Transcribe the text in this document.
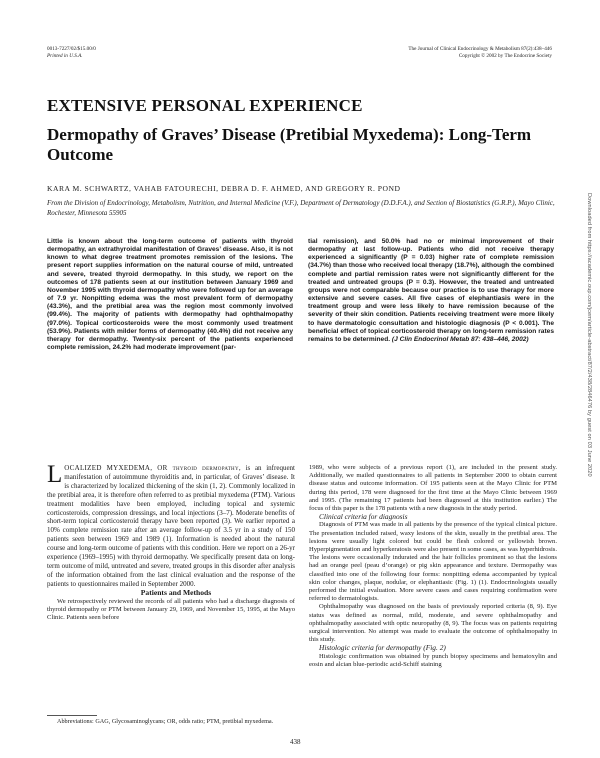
0013-7227/02/$15.00/0
Printed in U.S.A.
The Journal of Clinical Endocrinology & Metabolism 87(2):438–446
Copyright © 2002 by The Endocrine Society
EXTENSIVE PERSONAL EXPERIENCE
Dermopathy of Graves’ Disease (Pretibial Myxedema): Long-Term Outcome
KARA M. SCHWARTZ, VAHAB FATOURECHI, DEBRA D. F. AHMED, AND GREGORY R. POND
From the Division of Endocrinology, Metabolism, Nutrition, and Internal Medicine (V.F.), Department of Dermatology (D.D.F.A.), and Section of Biostatistics (G.R.P.), Mayo Clinic, Rochester, Minnesota 55905
Little is known about the long-term outcome of patients with thyroid dermopathy, an extrathyroidal manifestation of Graves’ disease. Also, it is not known to what degree treatment promotes remission of the lesions. The present report supplies information on the natural course of mild, untreated and severe, treated thyroid dermopathy. In this study, we report on the outcomes of 178 patients seen at our institution between January 1969 and November 1995 with thyroid dermopathy who were followed up for an average of 7.9 yr. Nonpitting edema was the most prevalent form of dermopathy (43.3%), and the pretibial area was the region most commonly involved (99.4%). The majority of patients with dermopathy had ophthalmopathy (97.0%). Topical corticosteroids were the most commonly used treatment (53.9%). Patients with milder forms of dermopathy (40.4%) did not receive any therapy for dermopathy. Twenty-six percent of the patients experienced complete remission, 24.2% had moderate improvement (par-
tial remission), and 50.0% had no or minimal improvement of their dermopathy at last follow-up. Patients who did not receive therapy experienced a significantly (P = 0.03) higher rate of complete remission (34.7%) than those who received local therapy (18.7%), although the combined complete and partial remission rates were not significantly different for the treated and untreated groups (P = 0.3). However, the treated and untreated groups were not comparable because our practice is to use therapy for more extensive and severe cases. All five cases of elephantiasis were in the treatment group and were less likely to have remission because of the severity of their skin condition. Patients receiving treatment were more likely to have dermatologic consultation and histologic diagnosis (P < 0.001). The beneficial effect of topical corticosteroid therapy on long-term remission rates remains to be determined. (J Clin Endocrinol Metab 87: 438–446, 2002)

LOCALIZED MYXEDEMA, OR thyroid dermopathy, is an infrequent manifestation of autoimmune thyroiditis and, in particular, of Graves’ disease. It is characterized by localized thickening of the skin (1, 2). Commonly localized in the pretibial area, it is therefore often referred to as pretibial myxedema (PTM). Various treatment modalities have been employed, including topical and systemic corticosteroids, compression dressings, and local injections (3–7). Moderate benefits of short-term topical corticosteroid therapy have been reported (3). We earlier reported a 10% complete remission rate after an average follow-up of 3.5 yr in a study of 150 patients seen between 1969 and 1989 (1). Information is needed about the natural course and long-term outcome of patients with this condition. Here we report on a 26-yr experience (1969–1995) with thyroid dermopathy. We specifically present data on long-term outcome of mild, untreated and severe, treated groups in this disorder after analysis of the information obtained from the last clinical evaluation and the response of the patients to questionnaires mailed in September 2000.

Patients and Methods

We retrospectively reviewed the records of all patients who had a discharge diagnosis of thyroid dermopathy or PTM between January 29, 1969, and November 15, 1995, at the Mayo Clinic. Patients seen before

1989, who were subjects of a previous report (1), are included in the present study. Additionally, we mailed questionnaires to all patients in September 2000 to obtain current disease status and outcome information. Of 195 patients seen at the Mayo Clinic for PTM during this period, 178 were diagnosed for the first time at the Mayo Clinic between 1969 and 1995. (The remaining 17 patients had been diagnosed at this institution earlier.) The focus of this paper is the 178 patients with a new diagnosis in the study period.

Clinical criteria for diagnosis

Diagnosis of PTM was made in all patients by the presence of the typical clinical picture. The presentation included raised, waxy lesions of the skin, usually in the pretibial area. The lesions were usually light colored but could be flesh colored or yellowish brown. Hyperpigmentation and hyperkeratosis were also present in some cases, as was hyperhidrosis. The lesions were occasionally indurated and the hair follicles prominent so that the lesions had an orange peel (peau d’orange) or pig skin appearance and texture. Dermopathy was classified into one of the following four forms: nonpitting edema accompanied by typical skin color changes, plaque, nodular, or elephantiasic (Fig. 1) (1). Endocrinologists usually performed the initial evaluation. More severe cases and cases requiring confirmation were referred to dermatologists.

Ophthalmopathy was diagnosed on the basis of previously reported criteria (8, 9). Eye status was defined as normal, mild, moderate, and severe ophthalmopathy and ophthalmopathy associated with optic neuropathy (8, 9). The focus was on patients requiring surgical intervention. No attempt was made to evaluate the outcome of ophthalmopathy in this study.

Histologic criteria for dermopathy (Fig. 2)

Histologic confirmation was obtained by punch biopsy specimens and hematoxylin and eosin and alcian blue-periodic acid-Schiff staining

Abbreviations: GAG, Glycosaminoglycans; OR, odds ratio; PTM, pretibial myxedema.
438
Downloaded from https://academic.oup.com/jcem/article-abstract/87/2/438/2846476 by guest on 03 June 2020
